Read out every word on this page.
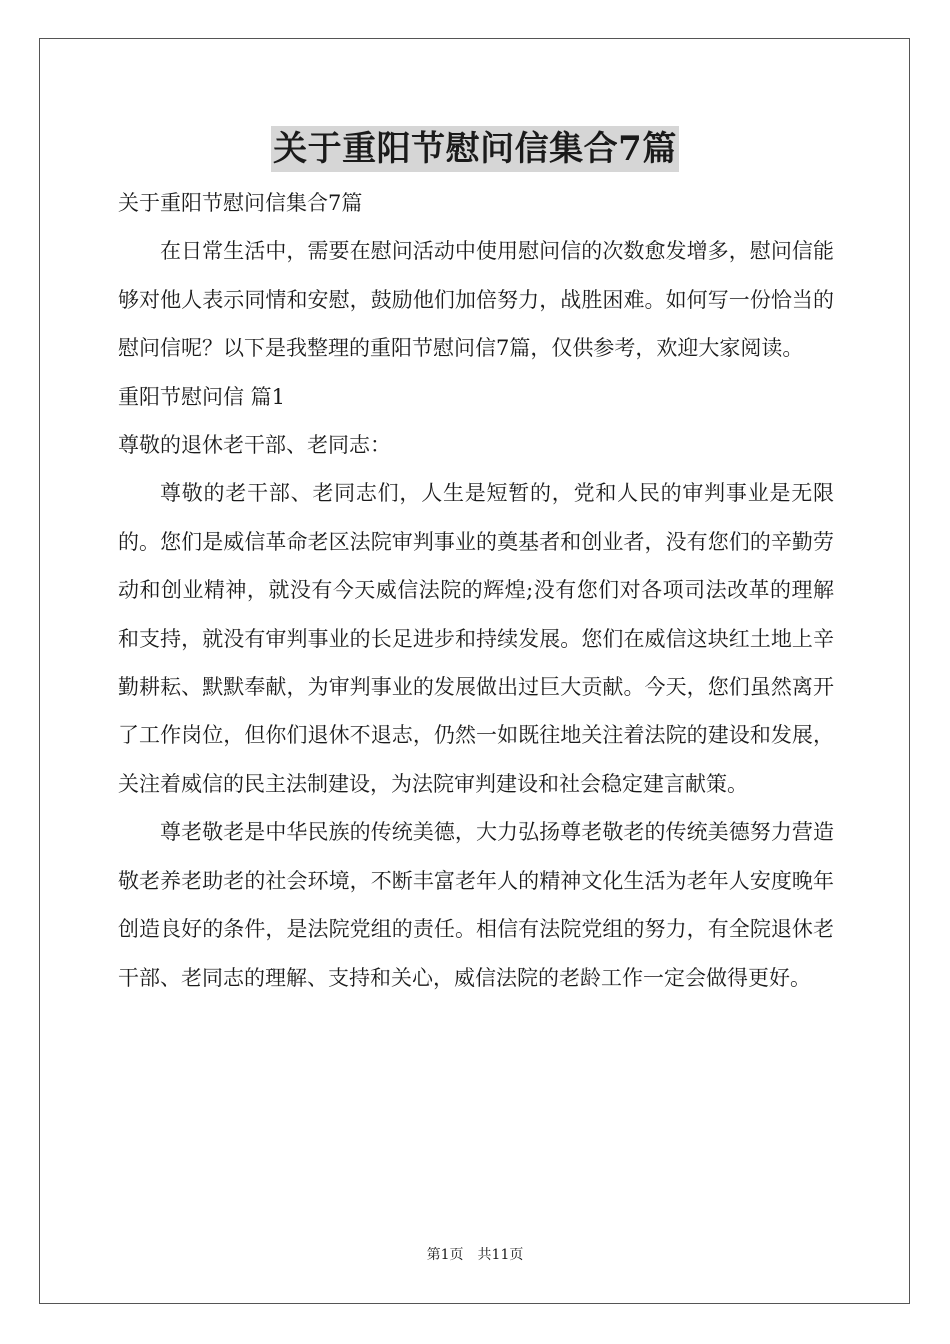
关于重阳节慰问信集合7篇

关于重阳节慰问信集合7篇

在日常生活中，需要在慰问活动中使用慰问信的次数愈发增多，慰问信能够对他人表示同情和安慰，鼓励他们加倍努力，战胜困难。如何写一份恰当的慰问信呢？以下是我整理的重阳节慰问信7篇，仅供参考，欢迎大家阅读。

重阳节慰问信 篇1

尊敬的退休老干部、老同志：

尊敬的老干部、老同志们，人生是短暂的，党和人民的审判事业是无限的。您们是威信革命老区法院审判事业的奠基者和创业者，没有您们的辛勤劳动和创业精神，就没有今天威信法院的辉煌;没有您们对各项司法改革的理解和支持，就没有审判事业的长足进步和持续发展。您们在威信这块红土地上辛勤耕耘、默默奉献，为审判事业的发展做出过巨大贡献。今天，您们虽然离开了工作岗位，但你们退休不退志，仍然一如既往地关注着法院的建设和发展，关注着威信的民主法制建设，为法院审判建设和社会稳定建言献策。

尊老敬老是中华民族的传统美德，大力弘扬尊老敬老的传统美德努力营造敬老养老助老的社会环境，不断丰富老年人的精神文化生活为老年人安度晚年创造良好的条件，是法院党组的责任。相信有法院党组的努力，有全院退休老干部、老同志的理解、支持和关心，威信法院的老龄工作一定会做得更好。

第1页 共11页
